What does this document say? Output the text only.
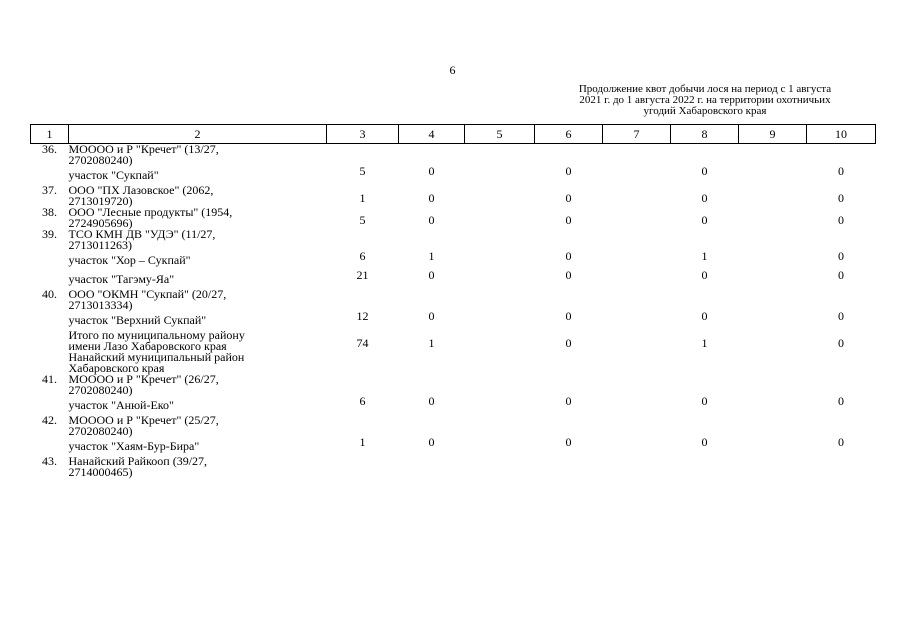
6
Продолжение квот добычи лося на период с 1 августа
2021 г. до 1 августа 2022 г. на территории охотничьих
угодий Хабаровского края
1	2	3	4	5	6	7	8	9	10
36.	МОООО и Р "Кречет" (13/27,
2702080240)								

	участок "Сукпай"	5	0		0		0		0
37.	ООО "ПХ Лазовское" (2062,
2713019720)	1	0		0		0		0
38.	ООО "Лесные продукты" (1954,
2724905696)	5	0		0		0		0
39.	ТСО КМН ДВ "УДЭ" (11/27,
2713011263)								

	участок "Хор – Сукпай"	6	1		0		1		0

	участок "Тагэму-Яа"	21	0		0		0		0
40.	ООО "ОКМН "Сукпай" (20/27,
2713013334)								

	участок "Верхний Сукпай"	12	0		0		0		0

	Итого по муниципальному району
имени Лазо Хабаровского края	74	1		0		1		0

	Нанайский муниципальный район
Хабаровского края								

41.	МОООО и Р "Кречет" (26/27,
2702080240)								

	участок "Анюй-Еко"	6	0		0		0		0
42.	МОООО и Р "Кречет" (25/27,
2702080240)								

	участок "Хаям-Бур-Бира"	1	0		0		0		0
43.	Нанайский Райкооп (39/27,
2714000465)								
